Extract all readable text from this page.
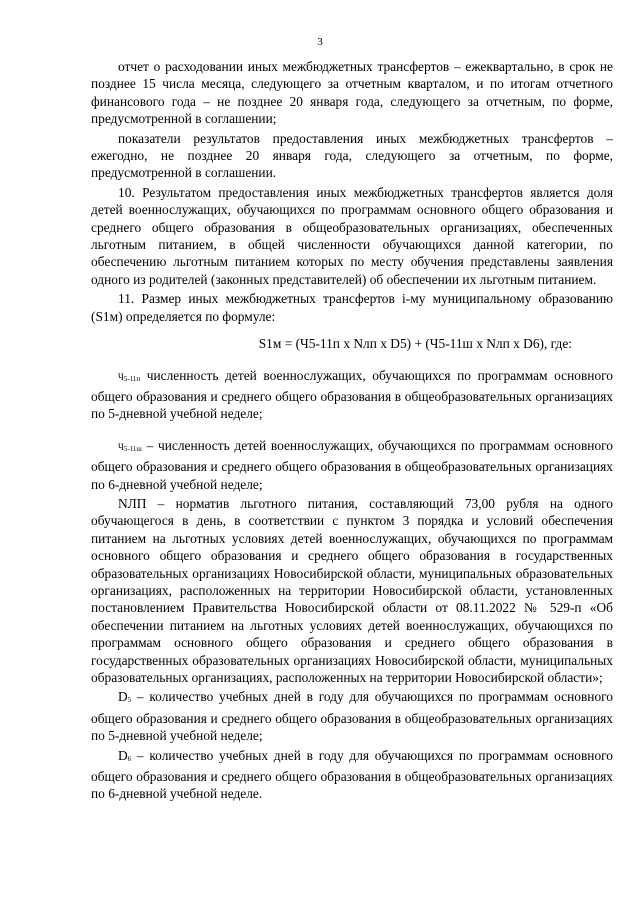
3

отчет о расходовании иных межбюджетных трансфертов – ежеквартально, в срок не позднее 15 числа месяца, следующего за отчетным кварталом, и по итогам отчетного финансового года – не позднее 20 января года, следующего за отчетным, по форме, предусмотренной в соглашении;

показатели результатов предоставления иных межбюджетных трансфертов – ежегодно, не позднее 20 января года, следующего за отчетным, по форме, предусмотренной в соглашении.

10. Результатом предоставления иных межбюджетных трансфертов является доля детей военнослужащих, обучающихся по программам основного общего образования и среднего общего образования в общеобразовательных организациях, обеспеченных льготным питанием, в общей численности обучающихся данной категории, по обеспечению льготным питанием которых по месту обучения представлены заявления одного из родителей (законных представителей) об обеспечении их льготным питанием.

11. Размер иных межбюджетных трансфертов i-му муниципальному образованию (S1м) определяется по формуле:

S1м = (Ч5-11п x Nлп x D5) + (Ч5-11ш x Nлп x D6), где:

Ч5-11п численность детей военнослужащих, обучающихся по программам основного общего образования и среднего общего образования в общеобразовательных организациях по 5-дневной учебной неделе;

Ч5-11ш – численность детей военнослужащих, обучающихся по программам основного общего образования и среднего общего образования в общеобразовательных организациях по 6-дневной учебной неделе;

NЛП – норматив льготного питания, составляющий 73,00 рубля на одного обучающегося в день, в соответствии с пунктом 3 порядка и условий обеспечения питанием на льготных условиях детей военнослужащих, обучающихся по программам основного общего образования и среднего общего образования в государственных образовательных организациях Новосибирской области, муниципальных образовательных организациях, расположенных на территории Новосибирской области, установленных постановлением Правительства Новосибирской области от 08.11.2022 № 529-п «Об обеспечении питанием на льготных условиях детей военнослужащих, обучающихся по программам основного общего образования и среднего общего образования в государственных образовательных организациях Новосибирской области, муниципальных образовательных организациях, расположенных на территории Новосибирской области»;

D5 – количество учебных дней в году для обучающихся по программам основного общего образования и среднего общего образования в общеобразовательных организациях по 5-дневной учебной неделе;

D6 – количество учебных дней в году для обучающихся по программам основного общего образования и среднего общего образования в общеобразовательных организациях по 6-дневной учебной неделе.
